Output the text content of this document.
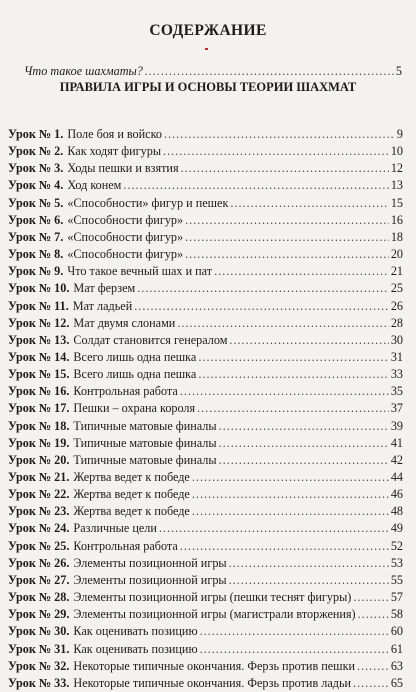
СОДЕРЖАНИЕ
Что такое шахматы? .....	5
ПРАВИЛА ИГРЫ И ОСНОВЫ ТЕОРИИ ШАХМАТ
Урок № 1. Поле боя и войско .....	9
Урок № 2. Как ходят фигуры .....	10
Урок № 3. Ходы пешки и взятия .....	12
Урок № 4. Ход конем .....	13
Урок № 5. «Способности» фигур и пешек .....	15
Урок № 6. «Способности фигур» .....	16
Урок № 7. «Способности фигур» .....	18
Урок № 8. «Способности фигур» .....	20
Урок № 9. Что такое вечный шах и пат .....	21
Урок № 10. Мат ферзем .....	25
Урок № 11. Мат ладьей .....	26
Урок № 12. Мат двумя слонами .....	28
Урок № 13. Солдат становится генералом .....	30
Урок № 14. Всего лишь одна пешка .....	31
Урок № 15. Всего лишь одна пешка .....	33
Урок № 16. Контрольная работа .....	35
Урок № 17. Пешки – охрана короля .....	37
Урок № 18. Типичные матовые финалы .....	39
Урок № 19. Типичные матовые финалы .....	41
Урок № 20. Типичные матовые финалы .....	42
Урок № 21. Жертва ведет к победе .....	44
Урок № 22. Жертва ведет к победе .....	46
Урок № 23. Жертва ведет к победе .....	48
Урок № 24. Различные цели .....	49
Урок № 25. Контрольная работа .....	52
Урок № 26. Элементы позиционной игры .....	53
Урок № 27. Элементы позиционной игры .....	55
Урок № 28. Элементы позиционной игры (пешки теснят фигуры) .....	57
Урок № 29. Элементы позиционной игры (магистрали вторжения) .....	58
Урок № 30. Как оценивать позицию .....	60
Урок № 31. Как оценивать позицию .....	61
Урок № 32. Некоторые типичные окончания. Ферзь против пешки .....	63
Урок № 33. Некоторые типичные окончания. Ферзь против ладьи .....	65
